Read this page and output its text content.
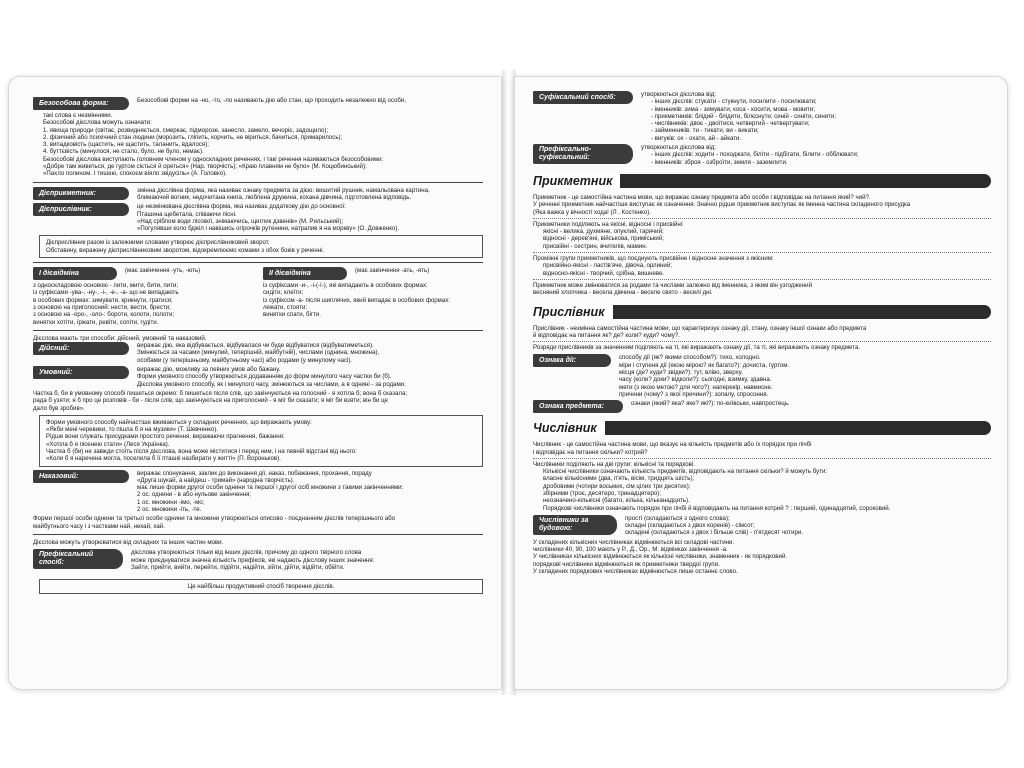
Безособова форма:	Безособові форми на -но, -то, -ло називають дію або стан, що проходить незалежно від особи,
такі слова є незмінними.
Безособові дієслова можуть означати:
1. явища природи (світає, розвидняється, смеркає, підморозе, занесло, замело, вечоріє, задощило);
2. фізичний або психічний стан людини (морозить, гліпить, корчить, не віриться, бачиться, примарилось);
3. випадковість (щастить, не щастить, таланить, вдалося);
4. буттєвість (минулося, не стало, було, не було, немає).
Безособові дієслова виступають головним членом у односкладних реченнях, і такі речення називаються безособовими:
«Добре там живеться, де гуртом сіється й ореться» (Нар. творчість); «Краю плавням не було» (М. Коцюбинський);
«Пахло полином. І тишею, спокоєм віяло звідусіль» (А. Головко).
Дієприкметник:	змінна дієслівна форма, яка називає ознаку предмета за дією: вишитий рушник, намальована картина,
блимаючий вогник, недочитана книга, люблена дружина, кохана дівчина, підготовлена відповідь.
Дієприслівник:	це незмінювана дієслівна форма, яка називає додаткову дію до основної:
Пташина щебетала, співаючи пісні.
«Над сріблом води лісової, знімаючись, щиглик дзвенів» (М. Рильський);
«Погулявши коло бджіл і навішись огірочків рутенини, натрапив я на моркву» (О. Довженко).
Дієприслівник разом із залежними словами утворює дієприслівниковий зворот.
Обставину, виражену дієприслівниковим зворотом, відокремлюємо комами з обох боків у реченні.
І дієвідміна	(має закінчення -уть, -ють)
з односкладовою основою - лити, мити, бити, пити;
із суфіксами -ува-, -ну-, -і-, -е-, -а- що не випадають
в особових формах: зимувати, крикнути, гратися;
з основою на приголосний: нести, вести, брести;
з основою на -оро-, -оло-: бороти, колоти, полоти;
винятки хотіти, їржати, ревіти, сопіти, гудіти.
ІІ дієвідміна	(має закінчення -ать, -ять)
із суфіксами -и-, -і-(-ї-), які випадають в особових формах:
сидіти, клеїти;
із суфіксом -а- після шиплячих, який випадає в особових формах:
лежати, стояти;
винятки спати, бігти.
Дієслова мають три способи: дійсний, умовний та наказовий.
Дійсний:	виражає дію, яка відбувається, відбувалася чи буде відбуватися (відбуватиметься).
Змінюється за часами (минулий, теперішній, майбутній), числами (однина, множина),
особами (у теперішньому, майбутньому часі) або родами (у минулому часі).
Умовний:	виражає дію, можливу за певних умов або бажану.
Форми умовного способу утворюються додаванням до форм минулого часу частки би (б).
Дієслова умовного способу, як і минулого часу, змінюються за числами, а в однині - за родами.
Частка б, би в умовному способі пишеться окремо: б пишеться після слів, що закінчуються на голосний - я хотіла б; вона б сказала;
рада б узяти; я б про це розповів - би - після слів, що закінчуються на приголосний - я міг би сказати; я міг би взяти; він би це
дало був зробив».
Форми умовного способу найчастіше вживаються у складних реченнях, що виражають умову:
«Якби мені черевики, то пішла б я на музики» (Т. Шевченко).
Рідше вони служать присудками простого речення, виражаючи прагнення, бажання:
«Хотіла б я пісенею стати» (Леся Українка).
Частка б (би) не завжди стоїть після дієслова, вона може міститися і перед ним, і на певній відстані від нього:
«Коли б я наречена могла, поселила б її пташкі назбирати у житті» (П. Вороньков).
Наказовий:	виражає спонукання, заклик до виконання дії, наказ, побажання, прохання, пораду
«Друга шукай, а найдеш - тримай» (народна творчість).
має лише форми другої особи однини та першої і другої осіб множини з такими закінченнями:
2 ос. однини - в або нульове закінчення;
1 ос. множини -імо, -мо;
2 ос. множини -іть, -те.
Форми першої особи однини та третьої особи однини та множини утворюються описово - поєднанням дієслів теперішнього або
майбутнього часу і з частками най, нехай, хай.
Дієслова можуть утворюватися від складних та інших частин мови.
Префіксальний спосіб:
дієслова утворюються тільки від інших дієслів, причому до одного твірного слова
може приєднуватися значна кількість префіксів, які надають дієслову інших значення:
Зайти, прийти, вийти, перейти, підійти, надійти, зійти, дійти, відійти, обійти.
Це найбільш продуктивний спосіб творення дієслів.
Суфіксальний спосіб:	утворюються дієслова від:
- інших дієслів: стукати - стукнути, посилити - посилювати;
- іменників: зима - зимувати, коса - косити, мова - мовити;
- прикметників: блідий - блідити, білєснути; синій - синіти, синити;
- числівників: двоє - двоїтися, четвертий - четвертувати;
- займенників: ти - тикати, ви - викати;
- вигуків: ох - охати, ай - айкати.
Префіксально-суфіксальний:
утворюються дієслова від:
- інших дієслів: ходити - походжати, біліти - підбігати, білити - обблювати;
- іменників: зброя - озброїти, земля - заземлити.
Прикметник
Прикметник - це самостійна частина мови, що виражає ознаку предмета або особи і відповідає на питання який? чий?.
У реченні прикметник найчастіше виступає як означення. Значно рідше прикметник виступає як іменна частина складеного присудка
(Яка важка у вічності ходa! (Л . Костенко).
Прикметники поділяють на якісні, відносні і присвійні:
якісні - велика, духмяне, опуклий, гарячий;
відносні - дерев'яні, військова, приміський;
присвійні - сестрин, вчителів, мамин.
Проміжні групи прикметників, що поєднують присвійне і відносне значення з якісним:
присвійно-якісні - ластів'яче, дівоча, орлиний;
відносно-якісні - творчий, срібна, вишневе.
Прикметник може змінюватися за родами та числами залежно від іменника, з яким він узгоджений
весняний хлопчика - весела дівчина - веселе свято - веселі дні.
Прислівник
Прислівник - незмінна самостійна частина мови, що характеризує ознаку дії, стану, ознаку іншої ознаки або предмета
й відповідає на питання як? де? коли? куди? чому?.
Розряди прислівників за значенням поділяють на ті, які виражають ознаку дії, та ті, які виражають ознаку предмета.
Ознака дії:	способу дії (як? якими способом?): тихо, холодно.
міри і ступеня дії (якою мірою? як багато?): дочиста, гуртом.
місця (де? куди? звідки?): тут, вліво, зверху.
часу (коли? доки? відколи?): сьогодні, взимку, здавна.
мети (з якою метою? для чого?): наперекір, навмисне.
причини (чому? з якої причини?): зопалу, спросоння.
Ознака предмета:	ознаки (який? яка? яке? які?): по-київськи, навпростець.
Числівник
Числівник - це самостійна частина мови, що вказує на кількість предметів або їх порядок при лічбі
і відповідає на питання скільки? котрий?
Числівники поділяють на дві групи: кількісні та порядкові.
Кількісні числівники означають кількість предметів, відповідають на питання скільки? й можуть бути:
власне кількісними (два, п'ять, вісім, тридцять шість);
дробовими (чотири восьмих, сім цілих три десятих);
збірними (троє, десятеро, тринадцятеро);
неозначено-кількісні (багато, кілька, кільканадцять).
Порядкові числівники означають порядок при лічбі й відповідають на питання котрий ? : перший, одинадцятий, сороковий.
Числівники за будовою:
прості (складаються з одного слова);
складні (складаються з двох коренів) - сімсот;
складені (складаються з двох і більше слів) - п'ятдесят чотири.
У складених кількісних числівниках відмінюються всі складові частини.
числівники 40, 90, 100 мають у Р., Д., Ор., М. відмінках закінчення -а.
У числівниках кількісних відмінюються як кількісні числівники, знаменник - як порядковий.
порядкові числівники відмінюються як прикметники твердої групи.
У складених порядкових числівниках відмінюється лише останнє слово.
